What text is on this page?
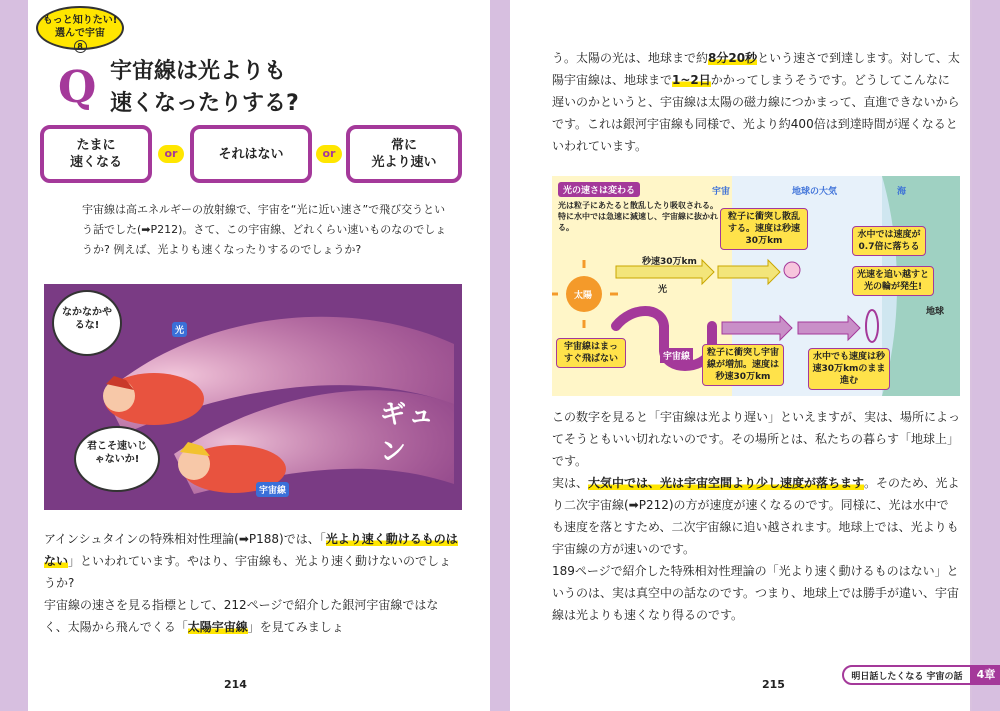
もっと知りたい!
選んで宇宙
8
Q 宇宙線は光よりも
速くなったりする?
たまに
速くなる
or	それはない	or
常に
光より速い
宇宙線は高エネルギーの放射線で、宇宙を“光に近い速さ”で飛び交うという話でした(➡P212)。さて、この宇宙線、どれくらい速いものなのでしょうか? 例えば、光よりも速くなったりするのでしょうか?
光
宇宙線
なかなかやるな!
君こそ速いじゃないか!
ギュン
アインシュタインの特殊相対性理論(➡P188)では、「光より速く動けるものはない」といわれています。やはり、宇宙線も、光より速く動けないのでしょうか?
宇宙線の速さを見る指標として、212ページで紹介した銀河宇宙線ではなく、太陽から飛んでくる「太陽宇宙線」を見てみましょ
214
う。太陽の光は、地球まで約8分20秒という速さで到達します。対して、太陽宇宙線は、地球まで1~2日かかってしまうそうです。どうしてこんなに遅いのかというと、宇宙線は太陽の磁力線につかまって、直進できないからです。これは銀河宇宙線も同様で、光より約400倍は到達時間が遅くなるといわれています。
光の速さは変わる
光は粒子にあたると散乱したり吸収される。特に水中では急速に減速し、宇宙線に抜かれる。
宇宙	地球の大気	海
太陽
秒速30万km
光
宇宙線はまっすぐ飛ばない	宇宙線
粒子に衝突し散乱する。速度は秒速30万km
水中では速度が0.7倍に落ちる
光速を追い越すと光の輪が発生!
地球
粒子に衝突し宇宙線が増加。速度は秒速30万km
水中でも速度は秒速30万kmのまま進む
この数字を見ると「宇宙線は光より遅い」といえますが、実は、場所によってそうともいい切れないのです。その場所とは、私たちの暮らす「地球上」です。
実は、大気中では、光は宇宙空間より少し速度が落ちます。そのため、光より二次宇宙線(➡P212)の方が速度が速くなるのです。同様に、光は水中でも速度を落とすため、二次宇宙線に追い越されます。地球上では、光よりも宇宙線の方が速いのです。
189ページで紹介した特殊相対性理論の「光より速く動けるものはない」というのは、実は真空中の話なのです。つまり、地球上では勝手が違い、宇宙線は光よりも速くなり得るのです。
215
明日話したくなる 宇宙の話	4章
